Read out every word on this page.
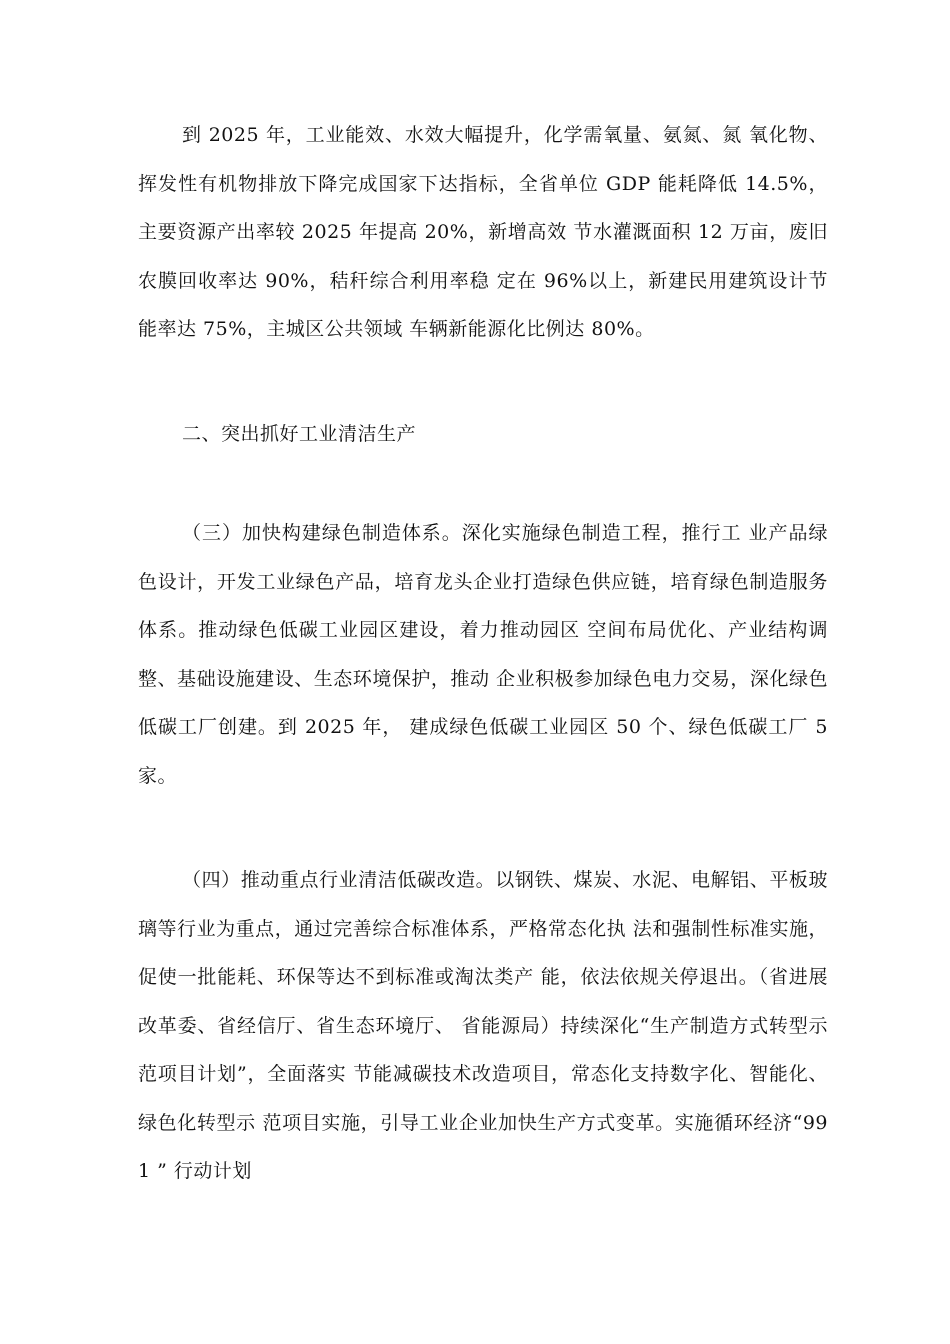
到 2025 年，工业能效、水效大幅提升，化学需氧量、氨氮、氮 氧化物、挥发性有机物排放下降完成国家下达指标，全省单位 GDP 能耗降低 14.5%，主要资源产出率较 2025 年提高 20%，新增高效 节水灌溉面积 12 万亩，废旧农膜回收率达 90%，秸秆综合利用率稳 定在 96%以上，新建民用建筑设计节能率达 75%，主城区公共领域 车辆新能源化比例达 80%。

二、突出抓好工业清洁生产

（三）加快构建绿色制造体系。深化实施绿色制造工程，推行工 业产品绿色设计，开发工业绿色产品，培育龙头企业打造绿色供应链，培育绿色制造服务体系。推动绿色低碳工业园区建设，着力推动园区 空间布局优化、产业结构调整、基础设施建设、生态环境保护，推动 企业积极参加绿色电力交易，深化绿色低碳工厂创建。到 2025 年， 建成绿色低碳工业园区 50 个、绿色低碳工厂 5 家。

（四）推动重点行业清洁低碳改造。以钢铁、煤炭、水泥、电解铝、平板玻璃等行业为重点，通过完善综合标准体系，严格常态化执 法和强制性标准实施，促使一批能耗、环保等达不到标准或淘汰类产 能，依法依规关停退出。（省进展改革委、省经信厅、省生态环境厅、 省能源局）持续深化“生产制造方式转型示范项目计划”，全面落实 节能减碳技术改造项目，常态化支持数字化、智能化、绿色化转型示 范项目实施，引导工业企业加快生产方式变革。实施循环经济“991 ” 行动计划
